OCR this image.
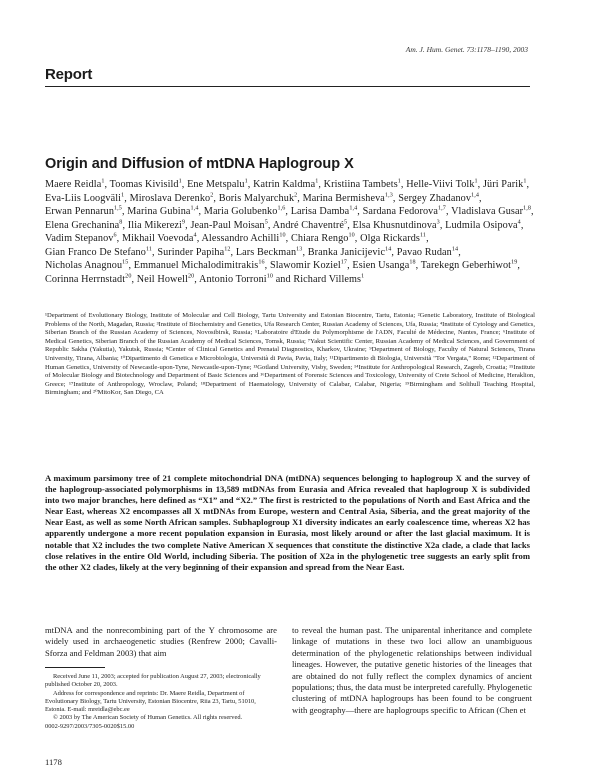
Am. J. Hum. Genet. 73:1178–1190, 2003
Report
Origin and Diffusion of mtDNA Haplogroup X
Maere Reidla$^1$, Toomas Kivisild$^1$, Ene Metspalu$^1$, Katrin Kaldma$^1$, Kristiina Tambets$^1$, Helle-Viivi Tolk$^1$, Jüri Parik$^1$, Eva-Liis Loogväli$^1$, Miroslava Derenko$^2$, Boris Malyarchuk$^2$, Marina Bermisheva$^{1,3}$, Sergey Zhadanov$^{1,4}$, Erwan Pennarun$^{1,5}$, Marina Gubina$^{1,4}$, Maria Golubenko$^{1,6}$, Larisa Damba$^{1,4}$, Sardana Fedorova$^{1,7}$, Vladislava Gusar$^{1,8}$, Elena Grechanina$^8$, Ilia Mikerezi$^9$, Jean-Paul Moisan$^5$, André Chaventré$^5$, Elsa Khusnutdinova$^3$, Ludmila Osipova$^4$, Vadim Stepanov$^6$, Mikhail Voevoda$^4$, Alessandro Achilli$^{10}$, Chiara Rengo$^{10}$, Olga Rickards$^{11}$, Gian Franco De Stefano$^{11}$, Surinder Papiha$^{12}$, Lars Beckman$^{13}$, Branka Janicijevic$^{14}$, Pavao Rudan$^{14}$, Nicholas Anagnou$^{15}$, Emmanuel Michalodimitrakis$^{16}$, Slawomir Koziel$^{17}$, Esien Usanga$^{18}$, Tarekegn Geberhiwot$^{19}$, Corinna Herrnstadt$^{20}$, Neil Howell$^{20}$, Antonio Torroni$^{10}$ and Richard Villems$^1$
¹Department of Evolutionary Biology, Institute of Molecular and Cell Biology, Tartu University and Estonian Biocentre, Tartu, Estonia; ²Genetic Laboratory, Institute of Biological Problems of the North, Magadan, Russia; ³Institute of Biochemistry and Genetics, Ufa Research Center, Russian Academy of Sciences, Ufa, Russia; ⁴Institute of Cytology and Genetics, Siberian Branch of the Russian Academy of Sciences, Novosibirsk, Russia; ⁵Laboratoire d'Etude du Polymorphisme de l'ADN, Faculté de Médecine, Nantes, France; ⁶Institute of Medical Genetics, Siberian Branch of the Russian Academy of Medical Sciences, Tomsk, Russia; ⁷Yakut Scientific Center, Russian Academy of Medical Sciences, and Government of Republic Sakha (Yakutia), Yakutsk, Russia; ⁸Center of Clinical Genetics and Prenatal Diagnostics, Kharkov, Ukraine; ⁹Department of Biology, Faculty of Natural Sciences, Tirana University, Tirana, Albania; ¹⁰Dipartimento di Genetica e Microbiologia, Università di Pavia, Pavia, Italy; ¹¹Dipartimento di Biologia, Università "Tor Vergata," Rome; ¹²Department of Human Genetics, University of Newcastle-upon-Tyne, Newcastle-upon-Tyne; ¹³Gotland University, Visby, Sweden; ¹⁴Institute for Anthropological Research, Zagreb, Croatia; ¹⁵Institute of Molecular Biology and Biotechnology and Department of Basic Sciences and ¹⁶Department of Forensic Sciences and Toxicology, University of Crete School of Medicine, Heraklion, Greece; ¹⁷Institute of Anthropology, Wroclaw, Poland; ¹⁸Department of Haematology, University of Calabar, Calabar, Nigeria; ¹⁹Birmingham and Solihull Teaching Hospital, Birmingham; and ²⁰MitoKor, San Diego, CA
A maximum parsimony tree of 21 complete mitochondrial DNA (mtDNA) sequences belonging to haplogroup X and the survey of the haplogroup-associated polymorphisms in 13,589 mtDNAs from Eurasia and Africa revealed that haplogroup X is subdivided into two major branches, here defined as “X1” and “X2.” The first is restricted to the populations of North and East Africa and the Near East, whereas X2 encompasses all X mtDNAs from Europe, western and Central Asia, Siberia, and the great majority of the Near East, as well as some North African samples. Subhaplogroup X1 diversity indicates an early coalescence time, whereas X2 has apparently undergone a more recent population expansion in Eurasia, most likely around or after the last glacial maximum. It is notable that X2 includes the two complete Native American X sequences that constitute the distinctive X2a clade, a clade that lacks close relatives in the entire Old World, including Siberia. The position of X2a in the phylogenetic tree suggests an early split from the other X2 clades, likely at the very beginning of their expansion and spread from the Near East.
mtDNA and the nonrecombining part of the Y chromosome are widely used in archaeogenetic studies (Renfrew 2000; Cavalli-Sforza and Feldman 2003) that aim
to reveal the human past. The uniparental inheritance and complete linkage of mutations in these two loci allow an unambiguous determination of the phylogenetic relationships between individual lineages. However, the putative genetic histories of the lineages that are obtained do not fully reflect the complex dynamics of ancient populations; thus, the data must be interpreted carefully. Phylogenetic clustering of mtDNA haplogroups has been found to be congruent with geography—there are haplogroups specific to African (Chen et

Received June 11, 2003; accepted for publication August 27, 2003; electronically published October 20, 2003.

Address for correspondence and reprints: Dr. Maere Reidla, Department of Evolutionary Biology, Tartu University, Estonian Biocentre, Riia 23, Tartu, 51010, Estonia. E-mail: mreidla@ebc.ee

© 2003 by The American Society of Human Genetics. All rights reserved.

0002-9297/2003/7305-0020$15.00

1178
